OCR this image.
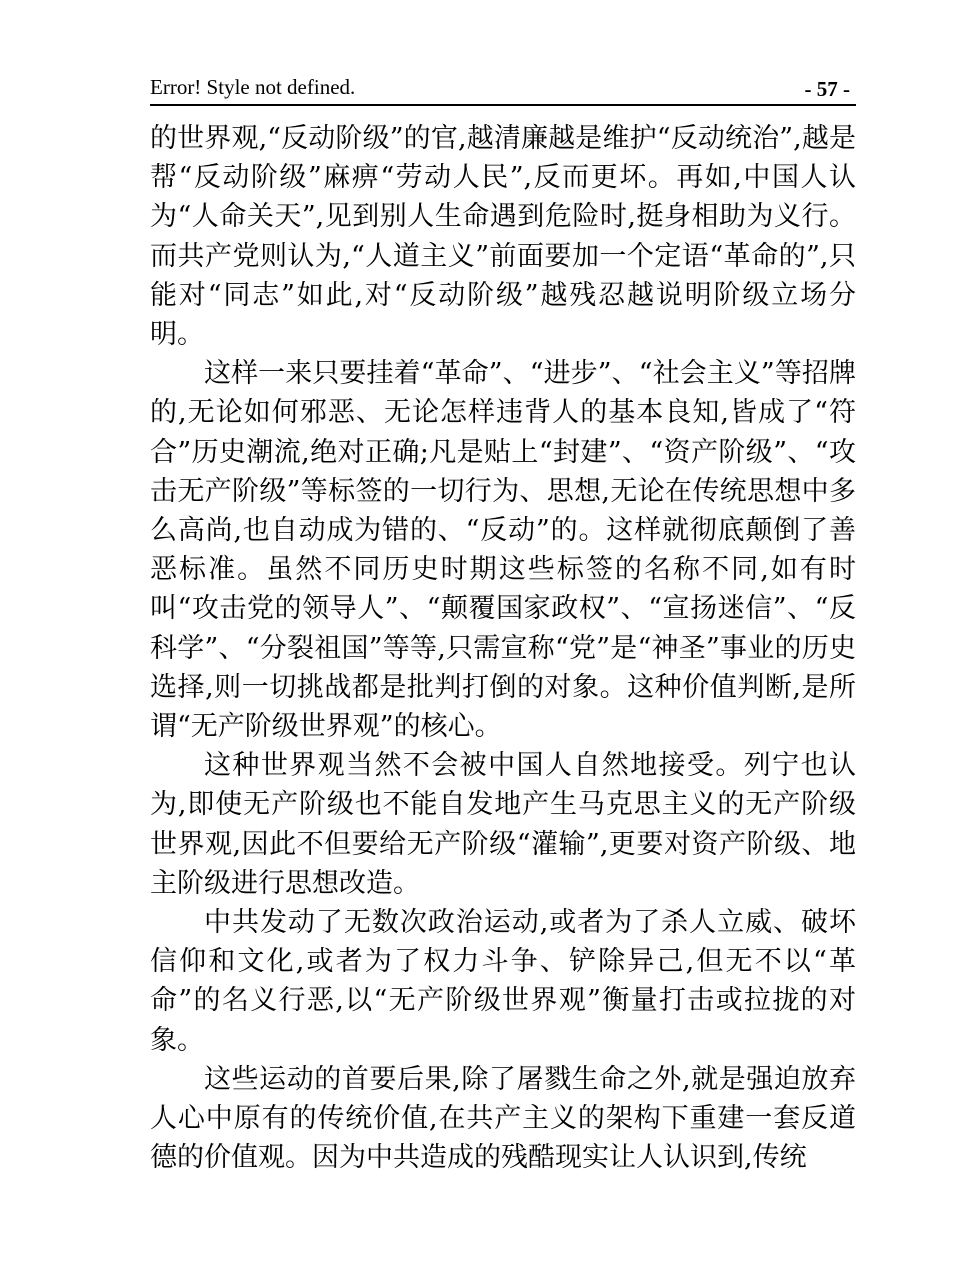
Error! Style not defined.	- 57 -

的世界观,“反动阶级”的官,越清廉越是维护“反动统治”,越是帮“反动阶级”麻痹“劳动人民”,反而更坏。再如,中国人认为“人命关天”,见到别人生命遇到危险时,挺身相助为义行。而共产党则认为,“人道主义”前面要加一个定语“革命的”,只能对“同志”如此,对“反动阶级”越残忍越说明阶级立场分明。

这样一来只要挂着“革命”、“进步”、“社会主义”等招牌的,无论如何邪恶、无论怎样违背人的基本良知,皆成了“符合”历史潮流,绝对正确;凡是贴上“封建”、“资产阶级”、“攻击无产阶级”等标签的一切行为、思想,无论在传统思想中多么高尚,也自动成为错的、“反动”的。这样就彻底颠倒了善恶标准。虽然不同历史时期这些标签的名称不同,如有时叫“攻击党的领导人”、“颠覆国家政权”、“宣扬迷信”、“反科学”、“分裂祖国”等等,只需宣称“党”是“神圣”事业的历史选择,则一切挑战都是批判打倒的对象。这种价值判断,是所谓“无产阶级世界观”的核心。

这种世界观当然不会被中国人自然地接受。列宁也认为,即使无产阶级也不能自发地产生马克思主义的无产阶级世界观,因此不但要给无产阶级“灌输”,更要对资产阶级、地主阶级进行思想改造。

中共发动了无数次政治运动,或者为了杀人立威、破坏信仰和文化,或者为了权力斗争、铲除异己,但无不以“革命”的名义行恶,以“无产阶级世界观”衡量打击或拉拢的对象。

这些运动的首要后果,除了屠戮生命之外,就是强迫放弃人心中原有的传统价值,在共产主义的架构下重建一套反道德的价值观。因为中共造成的残酷现实让人认识到,传统
